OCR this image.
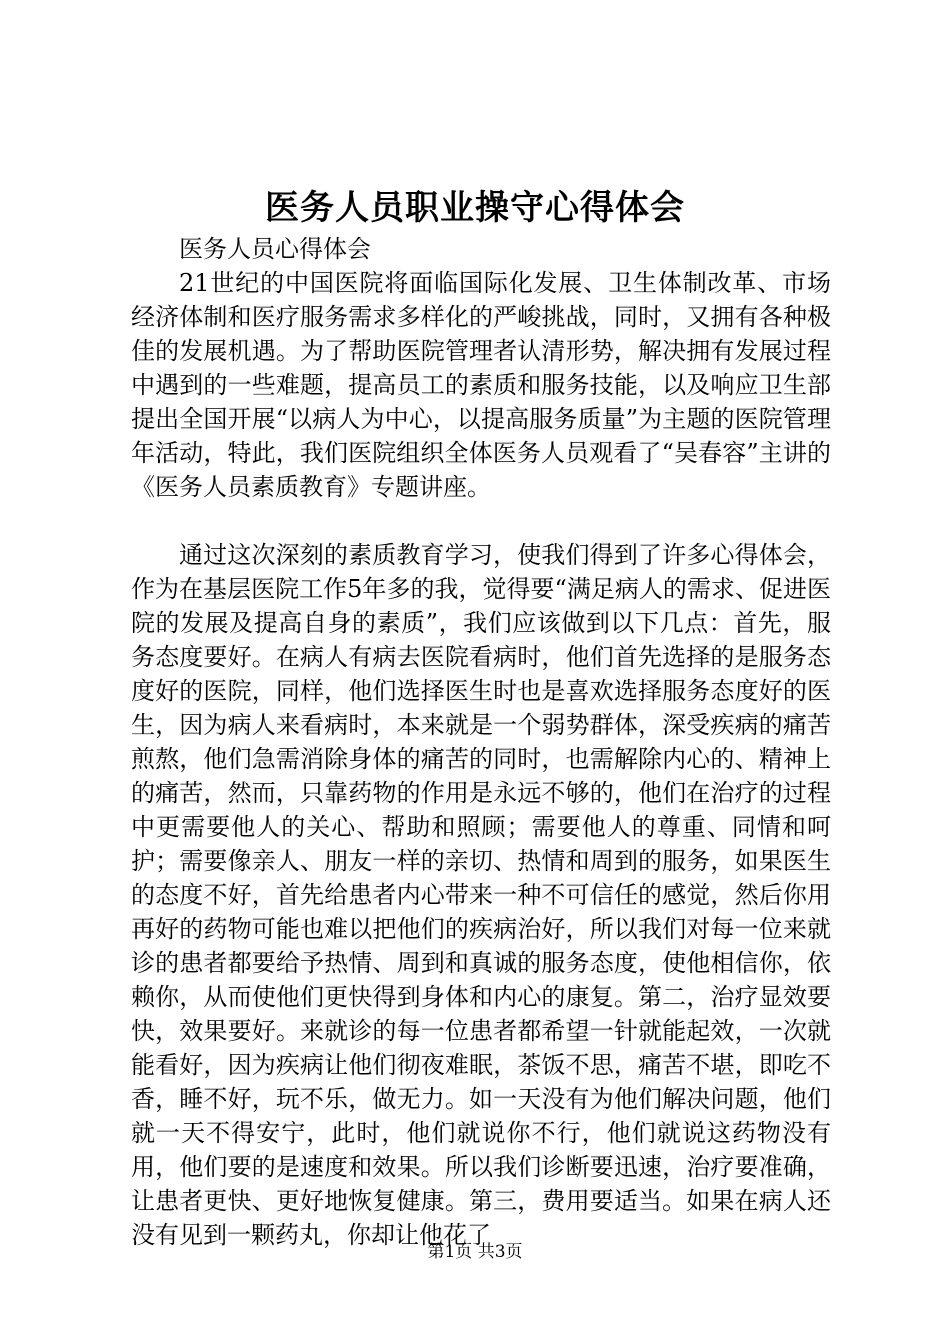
医务人员职业操守心得体会

医务人员心得体会

21世纪的中国医院将面临国际化发展、卫生体制改革、市场经济体制和医疗服务需求多样化的严峻挑战，同时，又拥有各种极佳的发展机遇。为了帮助医院管理者认清形势，解决拥有发展过程中遇到的一些难题，提高员工的素质和服务技能，以及响应卫生部提出全国开展“以病人为中心，以提高服务质量”为主题的医院管理年活动，特此，我们医院组织全体医务人员观看了“吴春容”主讲的《医务人员素质教育》专题讲座。

通过这次深刻的素质教育学习，使我们得到了许多心得体会，作为在基层医院工作5年多的我，觉得要“满足病人的需求、促进医院的发展及提高自身的素质”，我们应该做到以下几点：首先，服务态度要好。在病人有病去医院看病时，他们首先选择的是服务态度好的医院，同样，他们选择医生时也是喜欢选择服务态度好的医生，因为病人来看病时，本来就是一个弱势群体，深受疾病的痛苦煎熬，他们急需消除身体的痛苦的同时，也需解除内心的、精神上的痛苦，然而，只靠药物的作用是永远不够的，他们在治疗的过程中更需要他人的关心、帮助和照顾；需要他人的尊重、同情和呵护；需要像亲人、朋友一样的亲切、热情和周到的服务，如果医生的态度不好，首先给患者内心带来一种不可信任的感觉，然后你用再好的药物可能也难以把他们的疾病治好，所以我们对每一位来就诊的患者都要给予热情、周到和真诚的服务态度，使他相信你，依赖你，从而使他们更快得到身体和内心的康复。第二，治疗显效要快，效果要好。来就诊的每一位患者都希望一针就能起效，一次就能看好，因为疾病让他们彻夜难眠，茶饭不思，痛苦不堪，即吃不香，睡不好，玩不乐，做无力。如一天没有为他们解决问题，他们就一天不得安宁，此时，他们就说你不行，他们就说这药物没有用，他们要的是速度和效果。所以我们诊断要迅速，治疗要准确，让患者更快、更好地恢复健康。第三，费用要适当。如果在病人还没有见到一颗药丸，你却让他花了

第1页 共3页
